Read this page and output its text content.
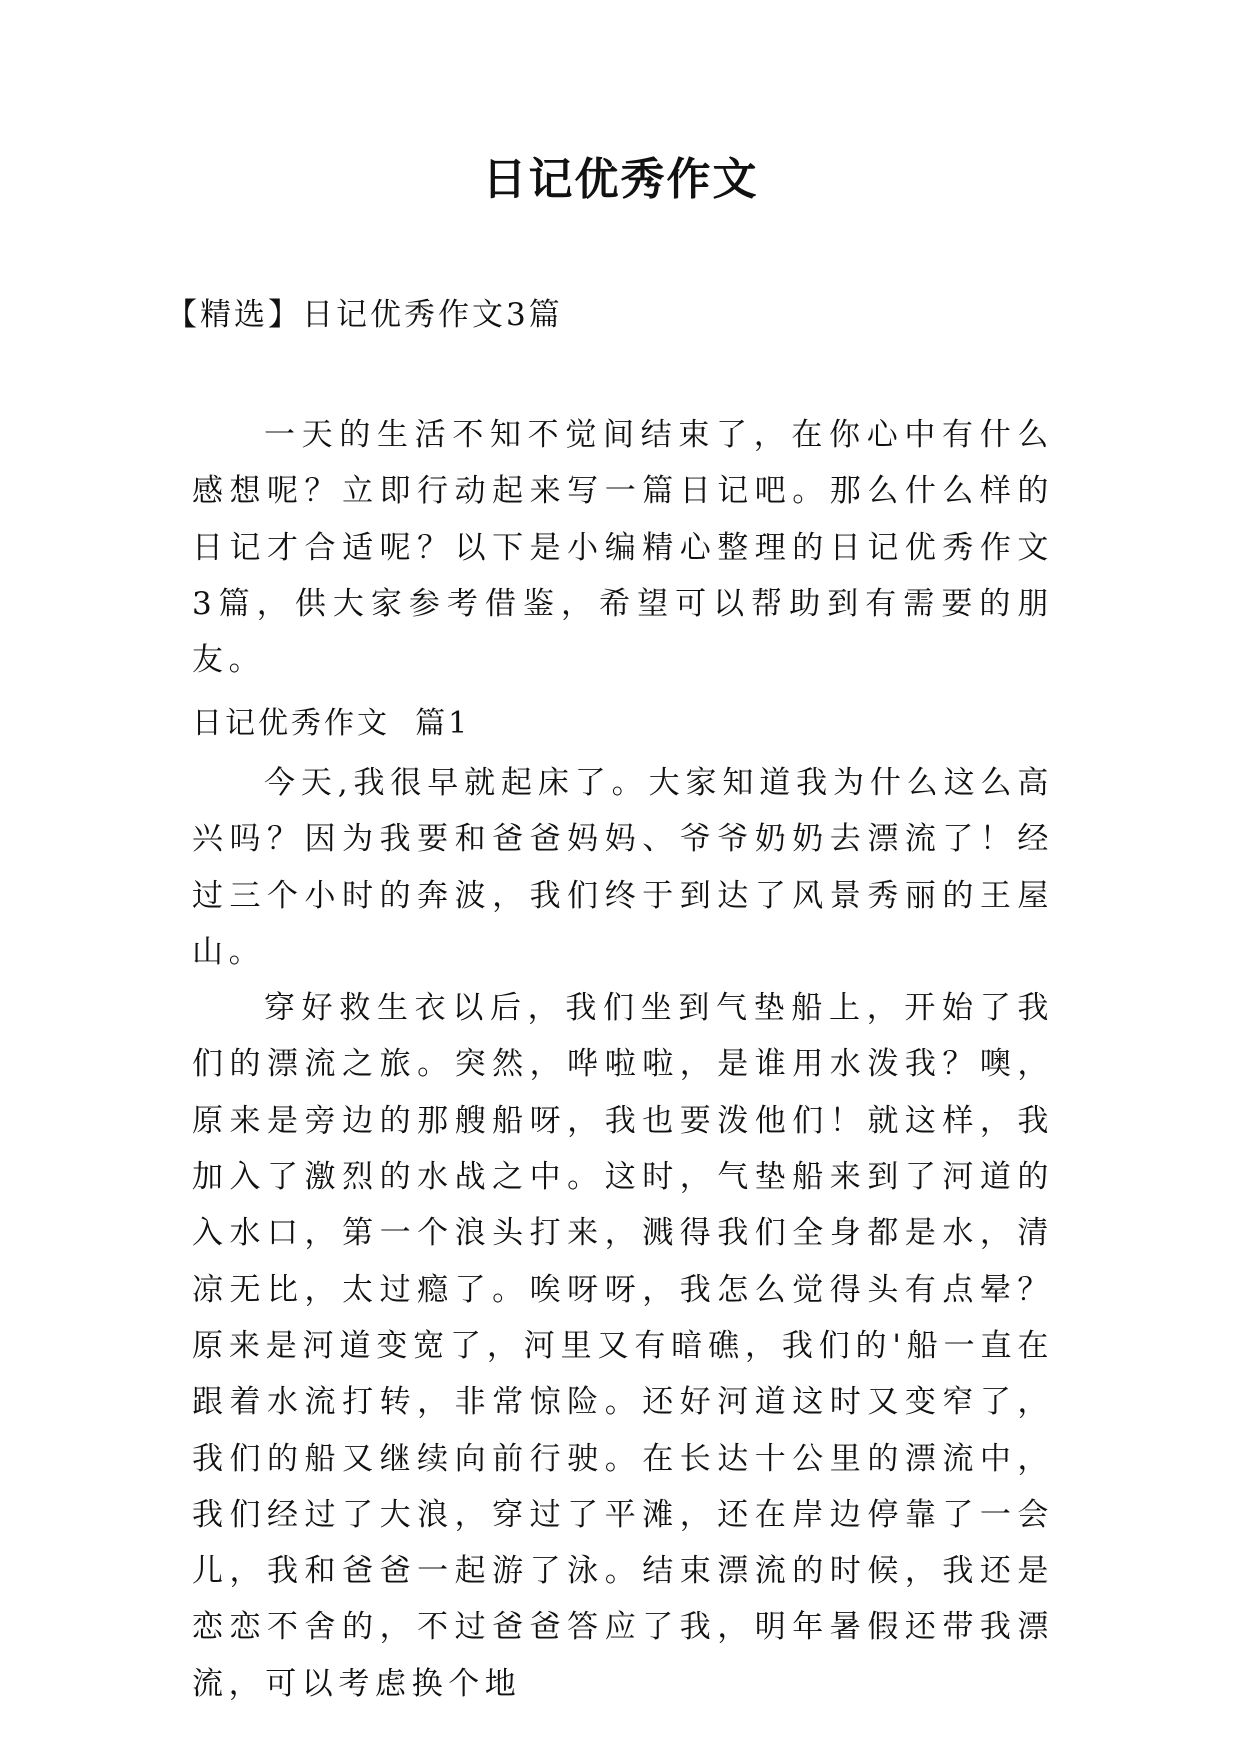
日记优秀作文
【精选】日记优秀作文3篇

一天的生活不知不觉间结束了，在你心中有什么感想呢？立即行动起来写一篇日记吧。那么什么样的日记才合适呢？以下是小编精心整理的日记优秀作文3篇，供大家参考借鉴，希望可以帮助到有需要的朋友。

日记优秀作文  篇1

今天,我很早就起床了。大家知道我为什么这么高兴吗？因为我要和爸爸妈妈、爷爷奶奶去漂流了！经过三个小时的奔波，我们终于到达了风景秀丽的王屋山。

穿好救生衣以后，我们坐到气垫船上，开始了我们的漂流之旅。突然，哗啦啦，是谁用水泼我？噢，原来是旁边的那艘船呀，我也要泼他们！就这样，我加入了激烈的水战之中。这时，气垫船来到了河道的入水口，第一个浪头打来，溅得我们全身都是水，清凉无比，太过瘾了。唉呀呀，我怎么觉得头有点晕？原来是河道变宽了，河里又有暗礁，我们的'船一直在跟着水流打转，非常惊险。还好河道这时又变窄了，我们的船又继续向前行驶。在长达十公里的漂流中，我们经过了大浪，穿过了平滩，还在岸边停靠了一会儿，我和爸爸一起游了泳。结束漂流的时候，我还是恋恋不舍的，不过爸爸答应了我，明年暑假还带我漂流，可以考虑换个地
